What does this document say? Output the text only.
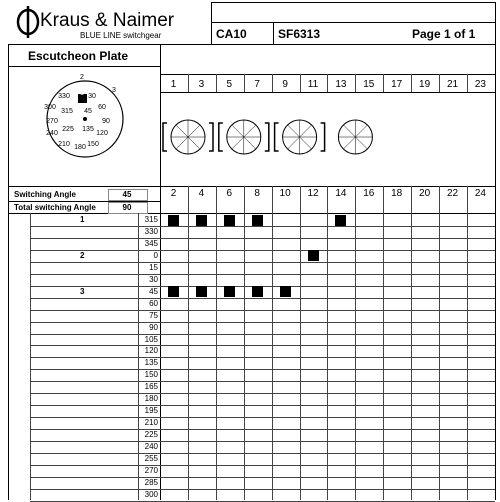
Kraus & Naimer
BLUE LINE switchgear	CA10	SF6313	Page 1 of 1
Escutcheon Plate
2
3
330	30
300
315	45
60
270	90
240
225	135
120
210 180 150
1
1	3	5	7	9	11	13	15	17	19	21	23
2	4	6	8	10	12	14	16	18	20	22	24
Switching Angle	45
Total switching Angle	90
1	315
330
345
2	0
15
30
3	45
60
75
90
105
120
135
150
165
180
195
210
225
240
255
270
285
300
